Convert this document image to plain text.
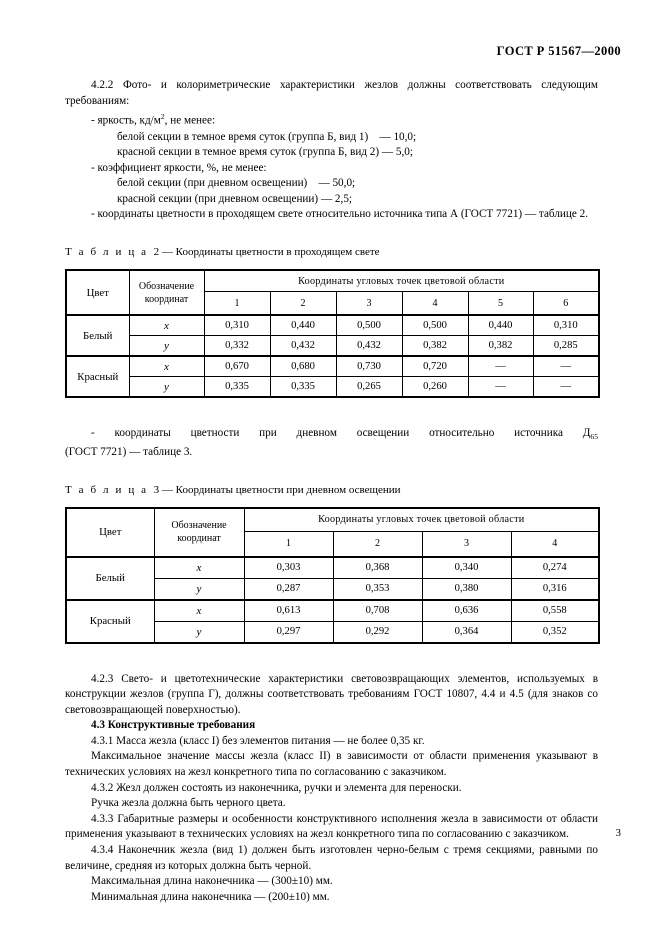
ГОСТ Р 51567—2000

4.2.2 Фото- и колориметрические характеристики жезлов должны соответствовать следующим требованиям:

- яркость, $кд/м^2$, не менее:

белой секции в темное время суток (группа Б, вид 1) — 10,0;

красной секции в темное время суток (группа Б, вид 2) — 5,0;

- коэффициент яркости, %, не менее:

белой секции (при дневном освещении) — 50,0;

красной секции (при дневном освещении) — 2,5;

- координаты цветности в проходящем свете относительно источника типа А (ГОСТ 7721) — таблице 2.

Т а б л и ц а 2 — Координаты цветности в проходящем свете

Цвет	Обозначение
координат	Координаты угловых точек цветовой области					
		1	2	3	4	5	6
Белый	x	0,310	0,440	0,500	0,500	0,440	0,310
	y	0,332	0,432	0,432	0,382	0,382	0,285
Красный	x	0,670	0,680	0,730	0,720	—	—
	y	0,335	0,335	0,265	0,260	—	—

- координаты цветности при дневном освещении относительно источника $Д_{65}$

(ГОСТ 7721) — таблице 3.

Т а б л и ц а 3 — Координаты цветности при дневном освещении

Цвет	Обозначение
координат	Координаты угловых точек цветовой области			
		1	2	3	4
Белый	x	0,303	0,368	0,340	0,274
	y	0,287	0,353	0,380	0,316
Красный	x	0,613	0,708	0,636	0,558
	y	0,297	0,292	0,364	0,352

4.2.3 Свето- и цветотехнические характеристики световозвращающих элементов, используемых в конструкции жезлов (группа Г), должны соответствовать требованиям ГОСТ 10807, 4.4 и 4.5 (для знаков со световозвращающей поверхностью).

4.3 Конструктивные требования

4.3.1 Масса жезла (класс I) без элементов питания — не более 0,35 кг.

Максимальное значение массы жезла (класс II) в зависимости от области применения указывают в технических условиях на жезл конкретного типа по согласованию с заказчиком.

4.3.2 Жезл должен состоять из наконечника, ручки и элемента для переноски.

Ручка жезла должна быть черного цвета.

4.3.3 Габаритные размеры и особенности конструктивного исполнения жезла в зависимости от области применения указывают в технических условиях на жезл конкретного типа по согласованию с заказчиком.

4.3.4 Наконечник жезла (вид 1) должен быть изготовлен черно-белым с тремя секциями, равными по величине, средняя из которых должна быть черной.

Максимальная длина наконечника — (300±10) мм.

Минимальная длина наконечника — (200±10) мм.

3
